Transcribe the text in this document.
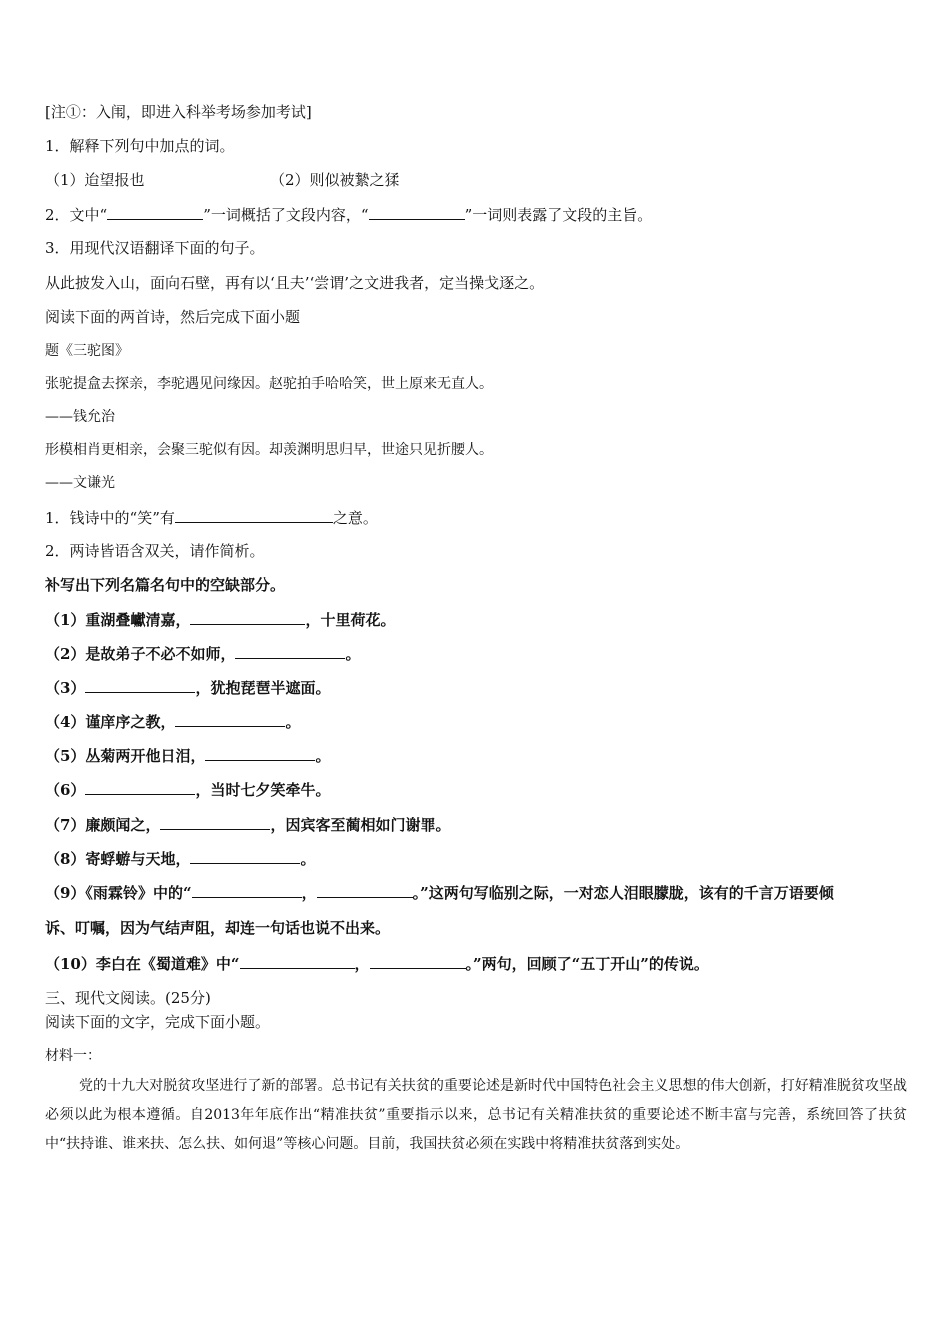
[注①：入闱，即进入科举考场参加考试]
1．解释下列句中加点的词。
（1）迨望报也	（2）则似被縶之猱
2．文中“	”一词概括了文段内容，“	”一词则表露了文段的主旨。
3．用现代汉语翻译下面的句子。
从此披发入山，面向石壁，再有以‘且夫’‘尝谓’之文进我者，定当操戈逐之。
阅读下面的两首诗，然后完成下面小题
题《三驼图》
张驼提盒去探亲，李驼遇见问缘因。赵驼拍手哈哈笑，世上原来无直人。
——钱允治
形模相肖更相亲，会聚三驼似有因。却羡渊明思归早，世途只见折腰人。
——文谦光
1．钱诗中的“笑”有	之意。
2．两诗皆语含双关，请作简析。
补写出下列名篇名句中的空缺部分。
（1）重湖叠巘清嘉，	，十里荷花。
（2）是故弟子不必不如师，	。
（3）	，犹抱琵琶半遮面。
（4）谨庠序之教，	。
（5）丛菊两开他日泪，	。
（6）	，当时七夕笑牵牛。
（7）廉颇闻之，	，因宾客至蔺相如门谢罪。
（8）寄蜉蝣与天地，	。
（9）《雨霖铃》中的“	，	。”这两句写临别之际，一对恋人泪眼朦胧，该有的千言万语要倾
诉、叮嘱，因为气结声阻，却连一句话也说不出来。
（10）李白在《蜀道难》中“	，	。”两句，回顾了“五丁开山”的传说。
三、现代文阅读。(25分)
阅读下面的文字，完成下面小题。
材料一：
党的十九大对脱贫攻坚进行了新的部署。总书记有关扶贫的重要论述是新时代中国特色社会主义思想的伟大创新，打好精准脱贫攻坚战必须以此为根本遵循。自2013年年底作出“精准扶贫”重要指示以来，总书记有关精准扶贫的重要论述不断丰富与完善，系统回答了扶贫中“扶持谁、谁来扶、怎么扶、如何退”等核心问题。目前，我国扶贫必须在实践中将精准扶贫落到实处。
